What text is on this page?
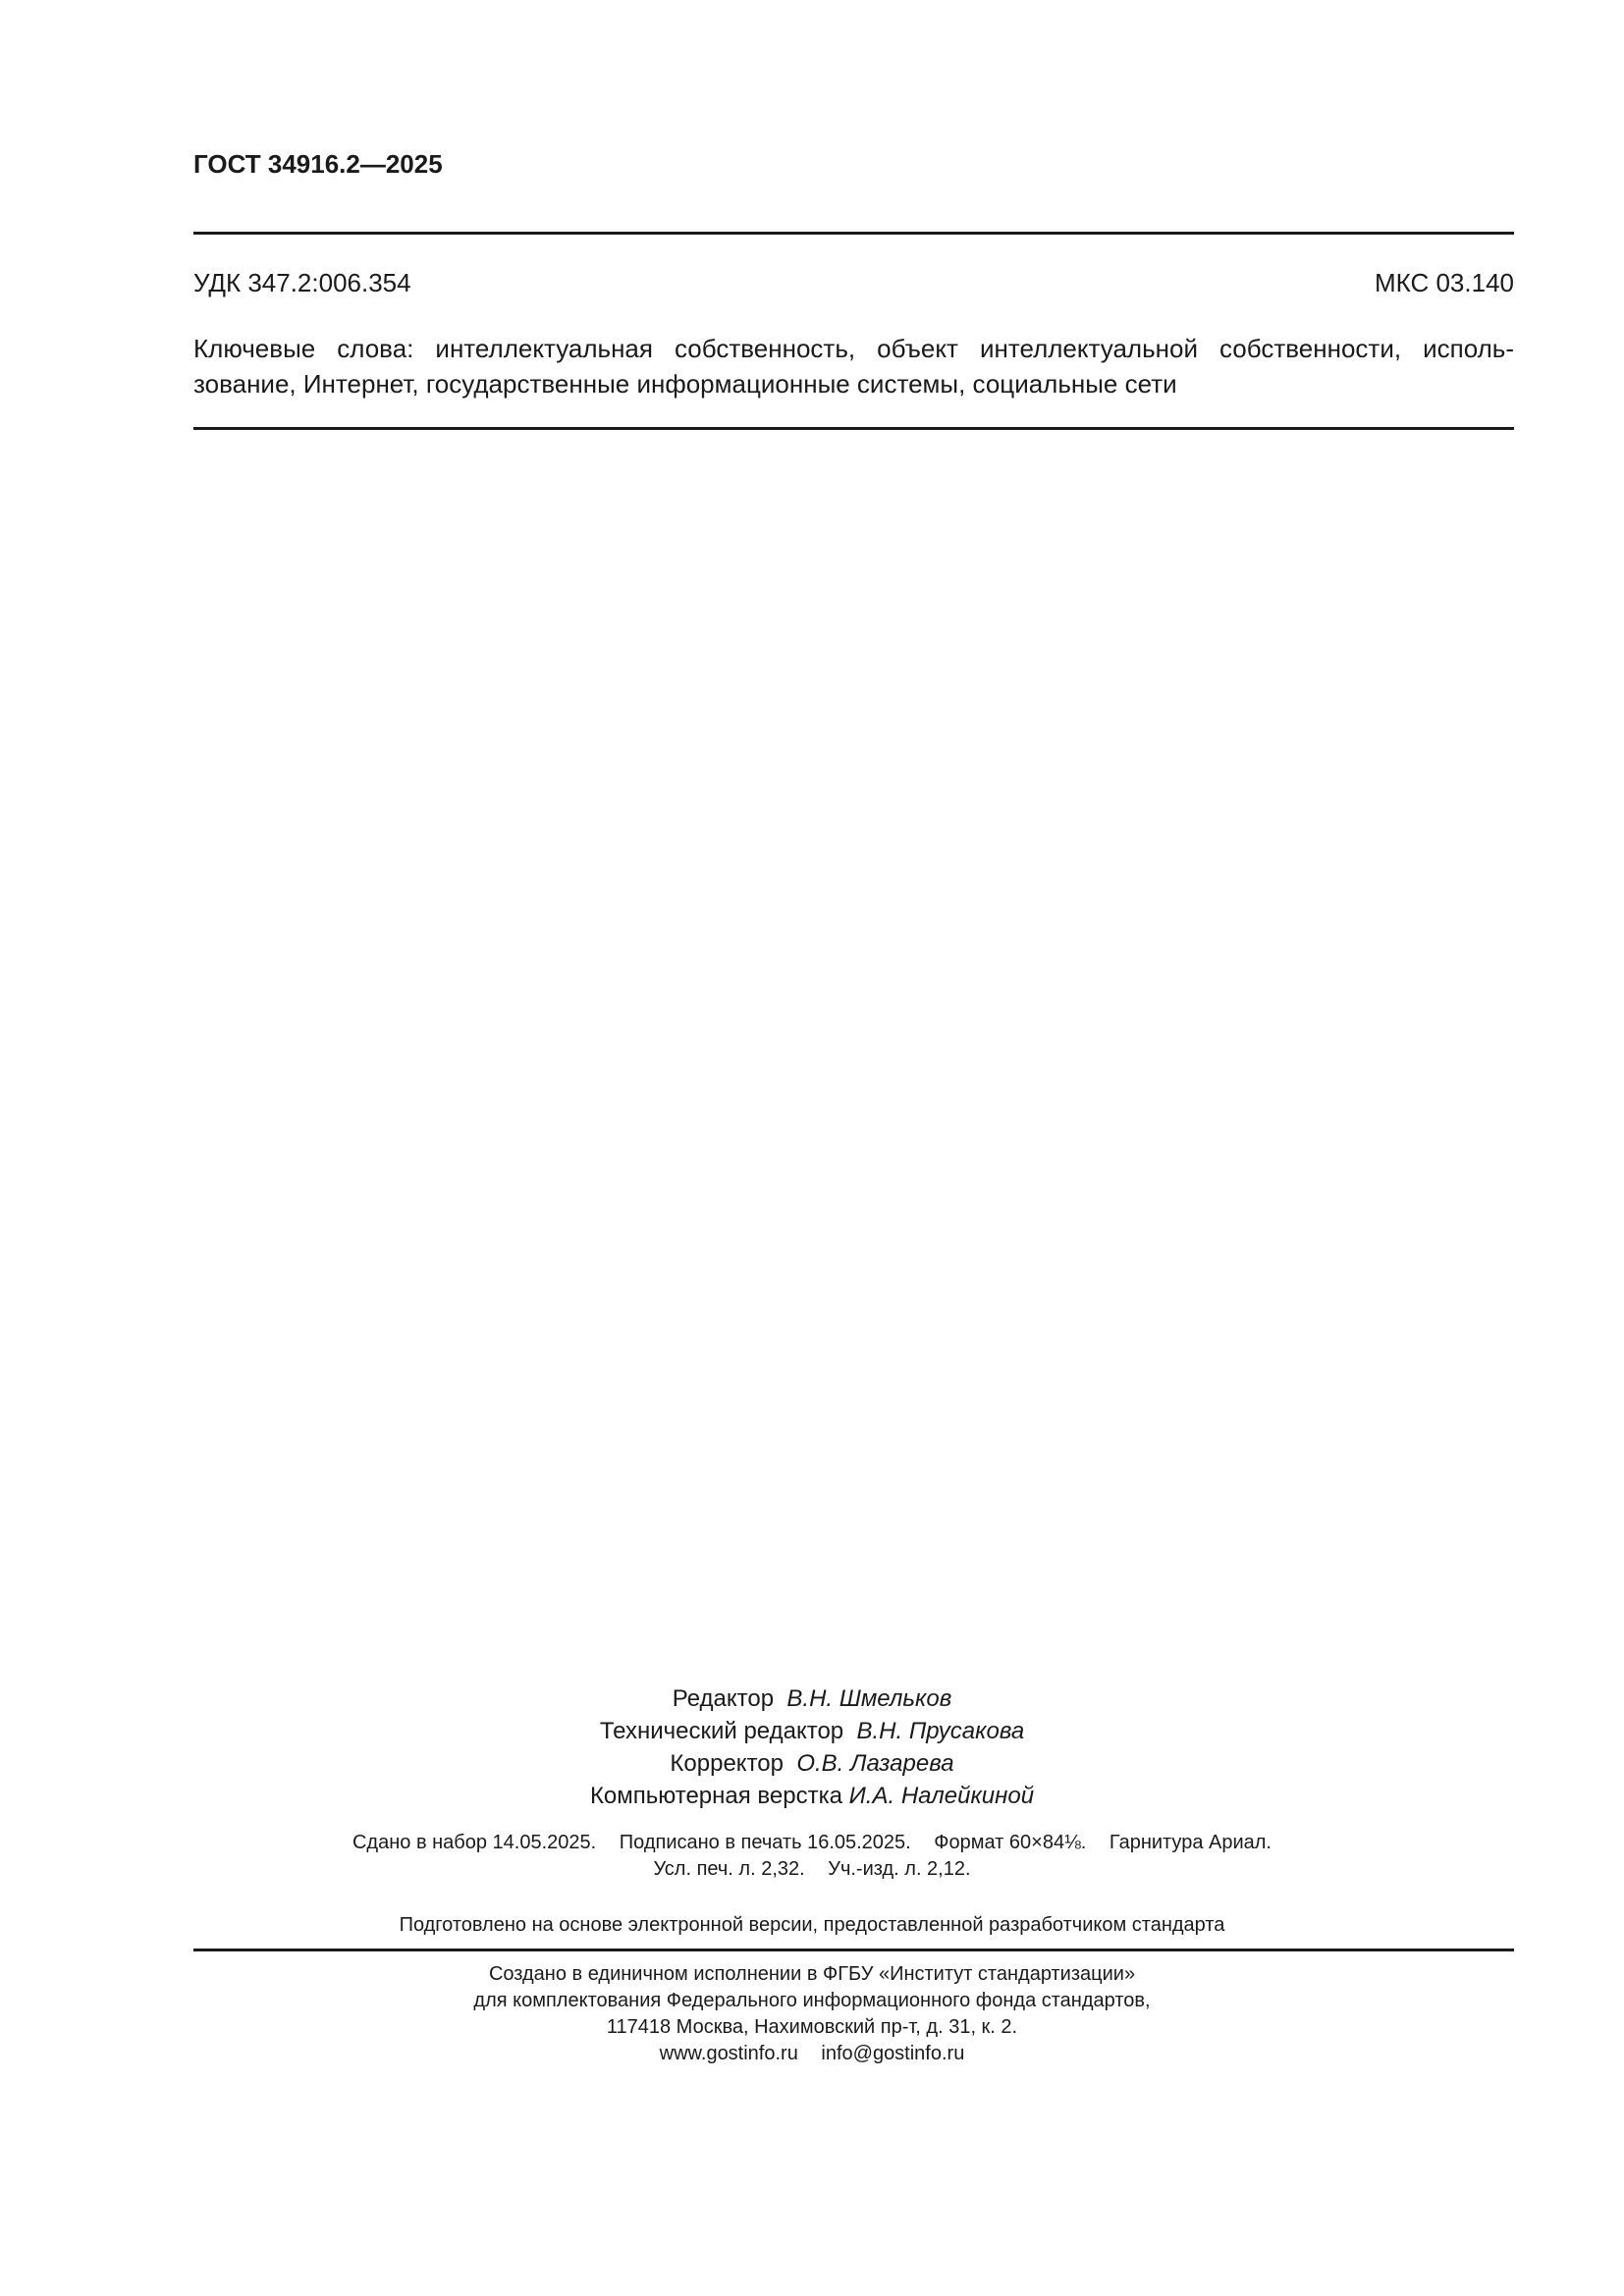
ГОСТ 34916.2—2025
УДК 347.2:006.354	МКС 03.140
Ключевые слова: интеллектуальная собственность, объект интеллектуальной собственности, исполь-
зование, Интернет, государственные информационные системы, социальные сети
Редактор В.Н. Шмельков
Технический редактор В.Н. Прусакова
Корректор О.В. Лазарева
Компьютерная верстка И.А. Налейкиной
Сдано в набор 14.05.2025. Подписано в печать 16.05.2025. Формат 60×84⅛. Гарнитура Ариал.
Усл. печ. л. 2,32. Уч.-изд. л. 2,12.
Подготовлено на основе электронной версии, предоставленной разработчиком стандарта
Создано в единичном исполнении в ФГБУ «Институт стандартизации»
для комплектования Федерального информационного фонда стандартов,
117418 Москва, Нахимовский пр-т, д. 31, к. 2.
www.gostinfo.ru info@gostinfo.ru
